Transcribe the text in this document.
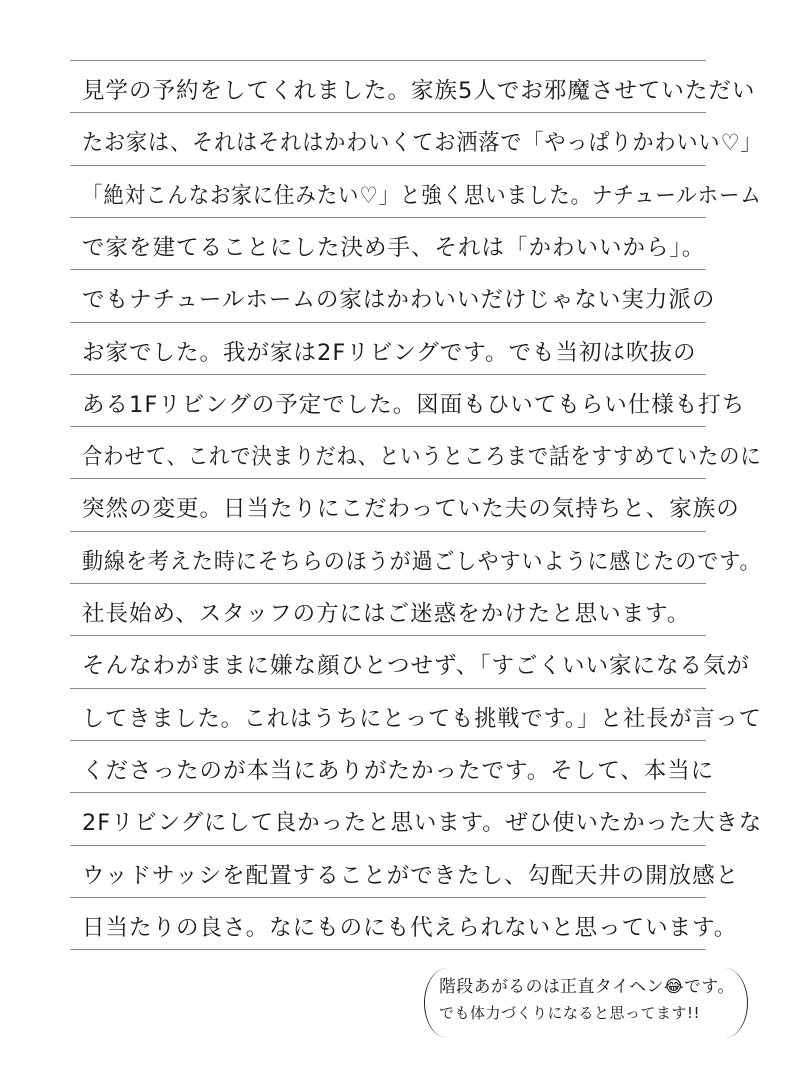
見学の予約をしてくれました。家族5人でお邪魔させていただい
たお家は、それはそれはかわいくてお洒落で「やっぱりかわいい♡」
「絶対こんなお家に住みたい♡」と強く思いました。ナチュールホーム
で家を建てることにした決め手、それは「かわいいから」。
でもナチュールホームの家はかわいいだけじゃない実力派の
お家でした。我が家は2Fリビングです。でも当初は吹抜の
ある1Fリビングの予定でした。図面もひいてもらい仕様も打ち
合わせて、これで決まりだね、というところまで話をすすめていたのに
突然の変更。日当たりにこだわっていた夫の気持ちと、家族の
動線を考えた時にそちらのほうが過ごしやすいように感じたのです。
社長始め、スタッフの方にはご迷惑をかけたと思います。
そんなわがままに嫌な顔ひとつせず、「すごくいい家になる気が
してきました。これはうちにとっても挑戦です。」と社長が言って
くださったのが本当にありがたかったです。そして、本当に
2Fリビングにして良かったと思います。ぜひ使いたかった大きな
ウッドサッシを配置することができたし、勾配天井の開放感と
日当たりの良さ。なにものにも代えられないと思っています。
階段あがるのは正直タイヘン😂です。
でも体力づくりになると思ってます!!
